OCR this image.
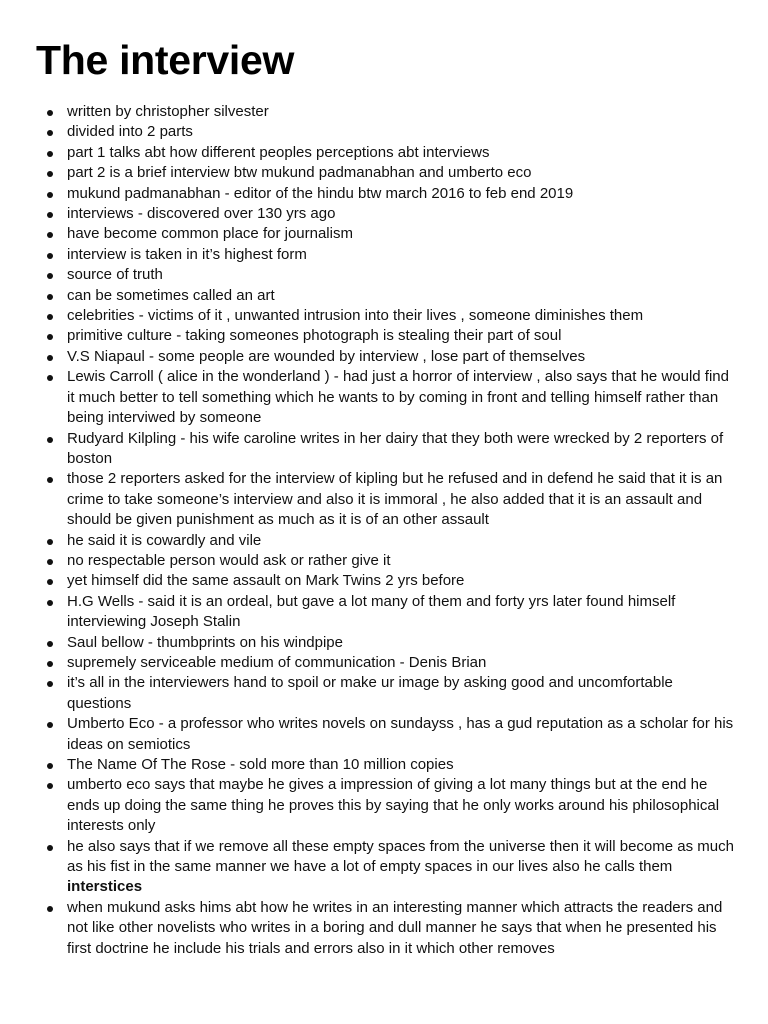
The interview
written by christopher silvester
divided into 2 parts
part 1 talks abt how different peoples perceptions abt interviews
part 2 is a brief interview btw mukund padmanabhan and umberto eco
mukund padmanabhan - editor of the hindu btw march 2016 to feb end 2019
interviews - discovered over 130 yrs ago
have become common place for journalism
interview is taken in it’s highest form
source of truth
can be sometimes called an art
celebrities - victims of it , unwanted intrusion into their lives , someone diminishes them
primitive culture - taking someones photograph is stealing their part of soul
V.S Niapaul - some people are wounded by interview , lose part of themselves
Lewis Carroll ( alice in the wonderland ) - had just a horror of interview , also says that he would find it much better to tell something which he wants to by coming in front and telling himself rather than being interviwed by someone
Rudyard Kilpling - his wife caroline writes in her dairy that they both were wrecked by 2 reporters of boston
those 2 reporters asked for the interview of kipling but he refused and in defend he said that it is an crime to take someone’s interview and also it is immoral , he also added that it is an assault and should be given punishment as much as it is of an other assault
he said it is cowardly and vile
no respectable person would ask or rather give it
yet himself did the same assault on Mark Twins 2 yrs before
H.G Wells - said it is an ordeal, but gave a lot many of them and forty yrs later found himself interviewing Joseph Stalin
Saul bellow - thumbprints on his windpipe
supremely serviceable medium of communication - Denis Brian
it’s all in the interviewers hand to spoil or make ur image by asking good and uncomfortable questions
Umberto Eco - a professor who writes novels on sundayss , has a gud reputation as a scholar for his ideas on semiotics
The Name Of The Rose - sold more than 10 million copies
umberto eco says that maybe he gives a impression of giving a lot many things but at the end he ends up doing the same thing he proves this by saying that he only works around his philosophical interests only
he also says that if we remove all these empty spaces from the universe then it will become as much as his fist in the same manner we have a lot of empty spaces in our lives also he calls them interstices
when mukund asks hims abt how he writes in an interesting manner which attracts the readers and not like other novelists who writes in a boring and dull manner he says that when he presented his first doctrine he include his trials and errors also in it which other removes
